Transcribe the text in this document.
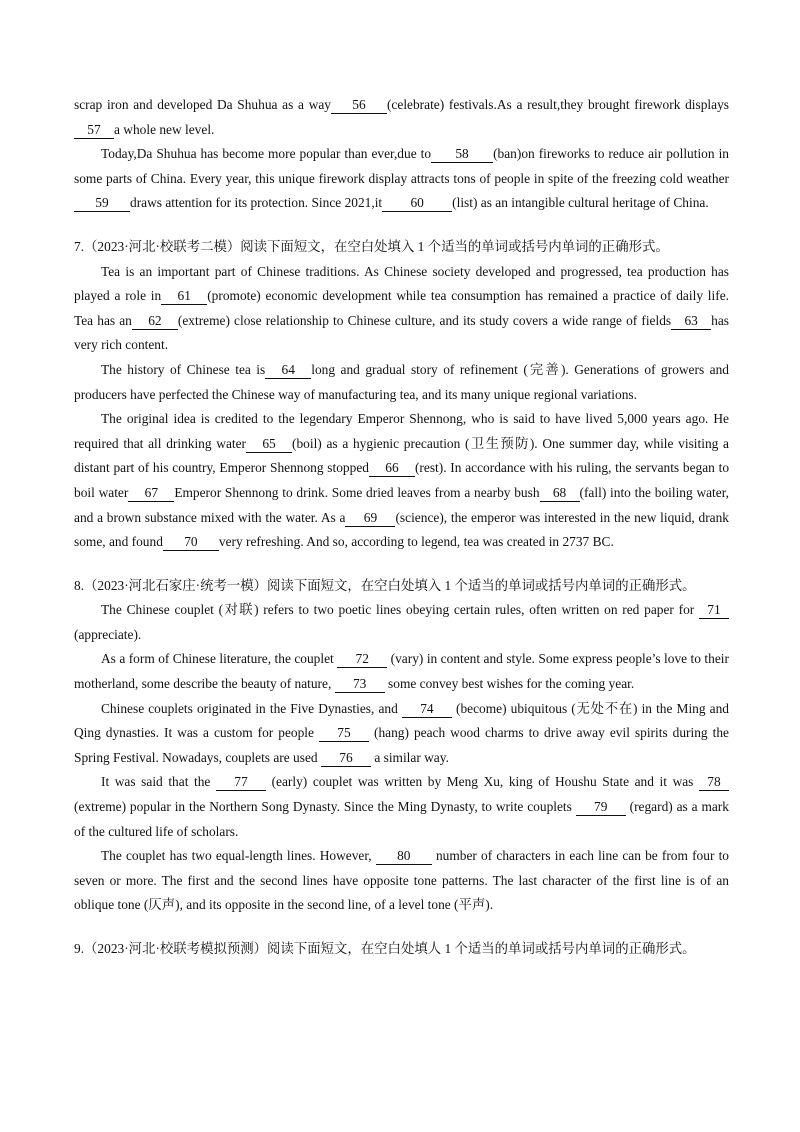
scrap iron and developed Da Shuhua as a way 56 (celebrate) festivals.As a result,they brought firework displays57 a whole new level.

Today,Da Shuhua has become more popular than ever,due to 58 (ban)on fireworks to reduce air pollution in some parts of China. Every year, this unique firework display attracts tons of people in spite of the freezing cold weather59 draws attention for its protection. Since 2021,it 60 (list) as an intangible cultural heritage of China.

7.（2023·河北·校联考二模）阅读下面短文，在空白处填入 1 个适当的单词或括号内单词的正确形式。

Tea is an important part of Chinese traditions. As Chinese society developed and progressed, tea production has played a role in 61 (promote) economic development while tea consumption has remained a practice of daily life. Tea has an 62 (extreme) close relationship to Chinese culture, and its study covers a wide range of fields 63 has very rich content.

The history of Chinese tea is 64 long and gradual story of refinement (完善). Generations of growers and producers have perfected the Chinese way of manufacturing tea, and its many unique regional variations.

The original idea is credited to the legendary Emperor Shennong, who is said to have lived 5,000 years ago. He required that all drinking water 65 (boil) as a hygienic precaution (卫生预防). One summer day, while visiting a distant part of his country, Emperor Shennong stopped 66 (rest). In accordance with his ruling, the servants began to boil water 67 Emperor Shennong to drink. Some dried leaves from a nearby bush 68 (fall) into the boiling water, and a brown substance mixed with the water. As a 69 (science), the emperor was interested in the new liquid, drank some, and found 70 very refreshing. And so, according to legend, tea was created in 2737 BC.

8.（2023·河北石家庄·统考一模）阅读下面短文，在空白处填入 1 个适当的单词或括号内单词的正确形式。

The Chinese couplet (对联) refers to two poetic lines obeying certain rules, often written on red paper for 71 (appreciate).

As a form of Chinese literature, the couplet 72 (vary) in content and style. Some express people’s love to their motherland, some describe the beauty of nature, 73 some convey best wishes for the coming year.

Chinese couplets originated in the Five Dynasties, and 74 (become) ubiquitous (无处不在) in the Ming and Qing dynasties. It was a custom for people 75 (hang) peach wood charms to drive away evil spirits during the Spring Festival. Nowadays, couplets are used 76 a similar way.

It was said that the 77 (early) couplet was written by Meng Xu, king of Houshu State and it was 78 (extreme) popular in the Northern Song Dynasty. Since the Ming Dynasty, to write couplets 79 (regard) as a mark of the cultured life of scholars.

The couplet has two equal-length lines. However, 80 number of characters in each line can be from four to seven or more. The first and the second lines have opposite tone patterns. The last character of the first line is of an oblique tone (仄声), and its opposite in the second line, of a level tone (平声).

9.（2023·河北·校联考模拟预测）阅读下面短文，在空白处填人 1 个适当的单词或括号内单词的正确形式。
